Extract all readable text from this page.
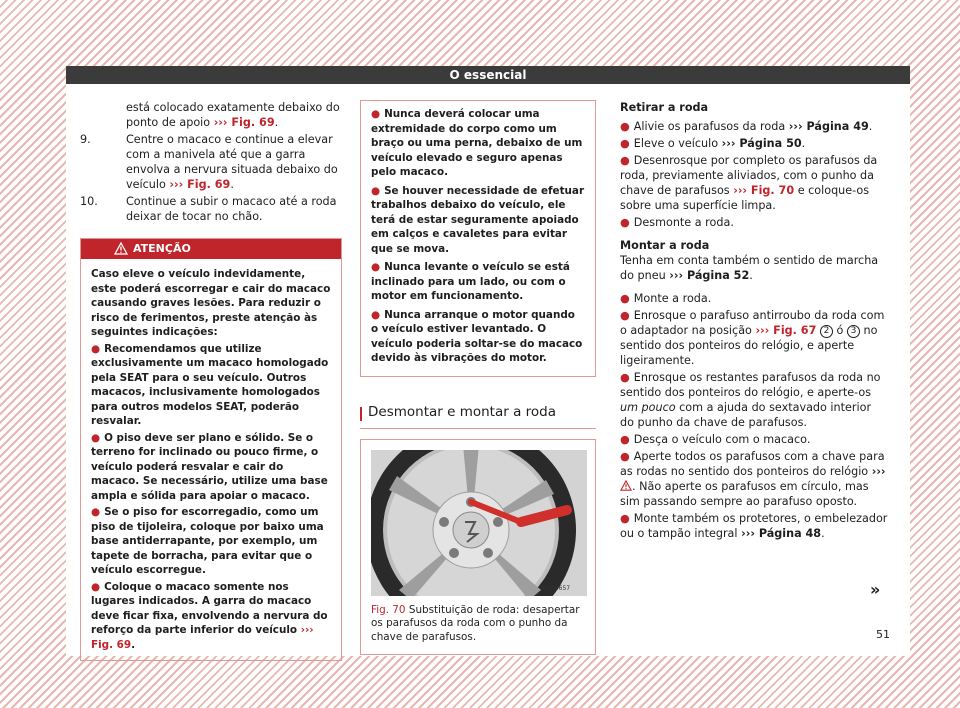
O essencial
está colocado exatamente debaixo do ponto de apoio ››› Fig. 69.
9.	Centre o macaco e continue a elevar com a manivela até que a garra envolva a nervura situada debaixo do veículo ››› Fig. 69.
10.	Continue a subir o macaco até a roda deixar de tocar no chão.
ATENÇÃO
Caso eleve o veículo indevidamente, este poderá escorregar e cair do macaco causando graves lesões. Para reduzir o risco de ferimentos, preste atenção às seguintes indicações:
● Recomendamos que utilize exclusivamente um macaco homologado pela SEAT para o seu veículo. Outros macacos, inclusivamente homologados para outros modelos SEAT, poderão resvalar.
● O piso deve ser plano e sólido. Se o terreno for inclinado ou pouco firme, o veículo poderá resvalar e cair do macaco. Se necessário, utilize uma base ampla e sólida para apoiar o macaco.
● Se o piso for escorregadio, como um piso de tijoleira, coloque por baixo uma base antiderrapante, por exemplo, um tapete de borracha, para evitar que o veículo escorregue.
● Coloque o macaco somente nos lugares indicados. A garra do macaco deve ficar fixa, envolvendo a nervura do reforço da parte inferior do veículo ››› Fig. 69.
● Nunca deverá colocar uma extremidade do corpo como um braço ou uma perna, debaixo de um veículo elevado e seguro apenas pelo macaco.
● Se houver necessidade de efetuar trabalhos debaixo do veículo, ele terá de estar seguramente apoiado em calços e cavaletes para evitar que se mova.
● Nunca levante o veículo se está inclinado para um lado, ou com o motor em funcionamento.
● Nunca arranque o motor quando o veículo estiver levantado. O veículo poderia soltar-se do macaco devido às vibrações do motor.
Desmontar e montar a roda
B7V-0657
Fig. 70 Substituição de roda: desapertar os parafusos da roda com o punho da chave de parafusos.
Retirar a roda
● Alivie os parafusos da roda ››› Página 49.
● Eleve o veículo ››› Página 50.
● Desenrosque por completo os parafusos da roda, previamente aliviados, com o punho da chave de parafusos ››› Fig. 70 e coloque-os sobre uma superfície limpa.
● Desmonte a roda.
Montar a roda
Tenha em conta também o sentido de marcha do pneu ››› Página 52.
● Monte a roda.
● Enrosque o parafuso antirroubo da roda com o adaptador na posição ››› Fig. 67 2 ó 3 no sentido dos ponteiros do relógio, e aperte ligeiramente.
● Enrosque os restantes parafusos da roda no sentido dos ponteiros do relógio, e aperte-os um pouco com a ajuda do sextavado interior do punho da chave de parafusos.
● Desça o veículo com o macaco.
● Aperte todos os parafusos com a chave para as rodas no sentido dos ponteiros do relógio ››› . Não aperte os parafusos em círculo, mas sim passando sempre ao parafuso oposto.
● Monte também os protetores, o embelezador ou o tampão integral ››› Página 48.
»
51
